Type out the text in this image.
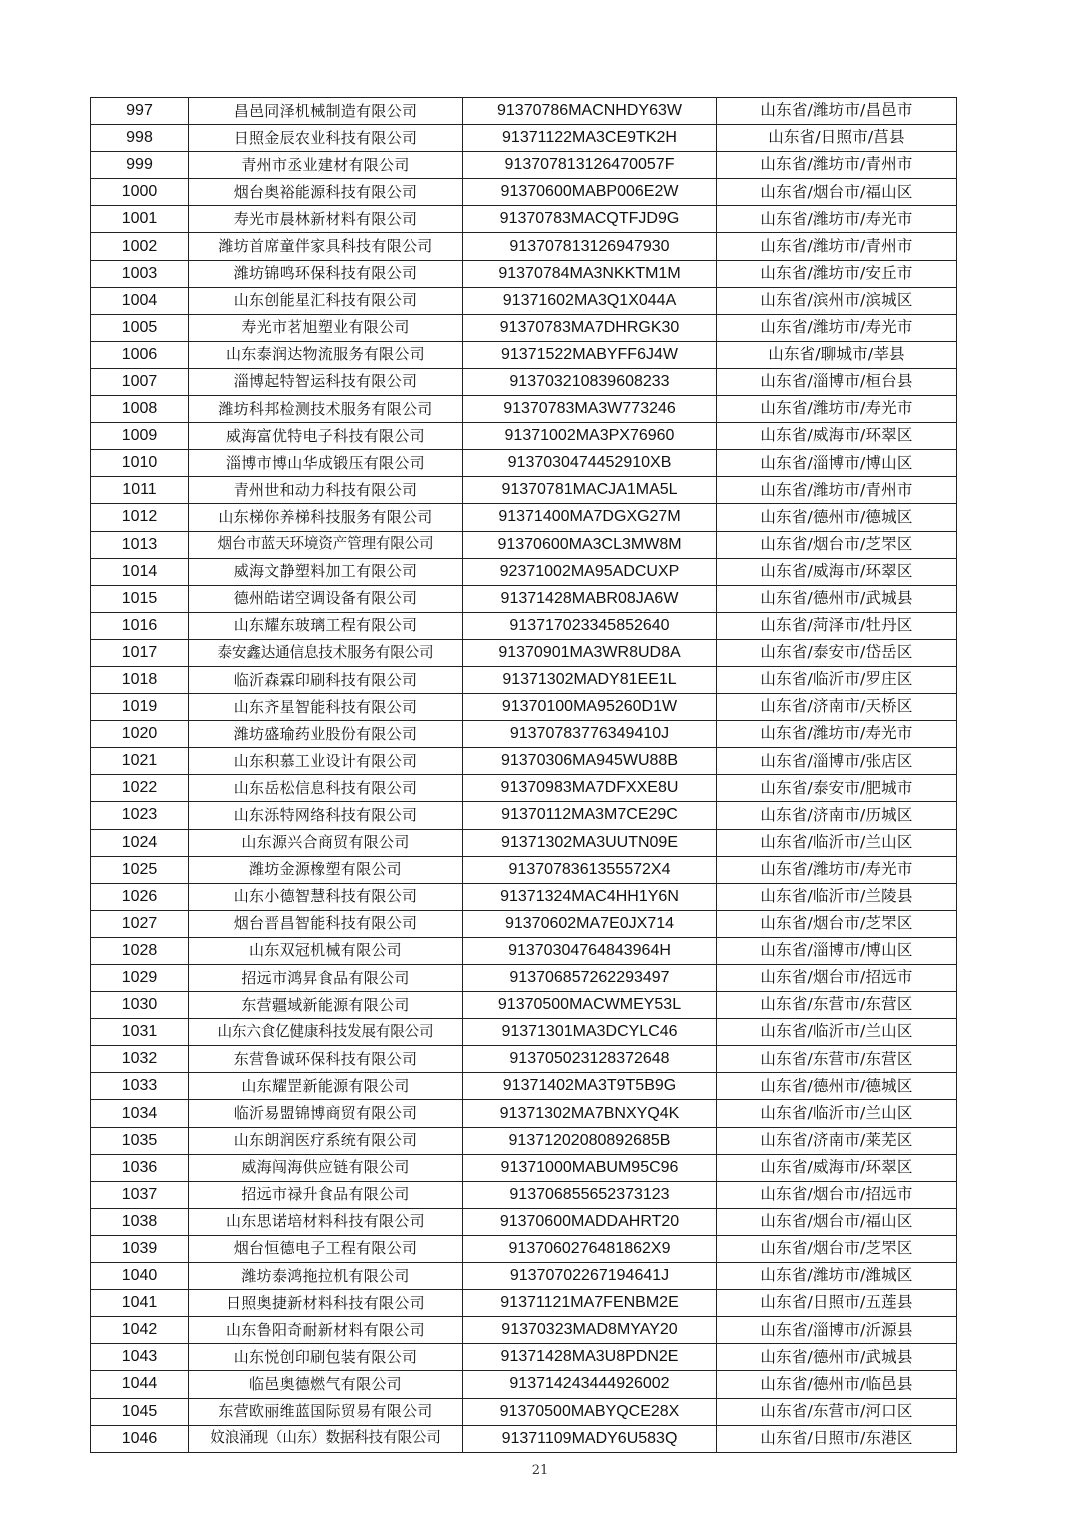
997	昌邑同泽机械制造有限公司	91370786MACNHDY63W	山东省/潍坊市/昌邑市
998	日照金辰农业科技有限公司	91371122MA3CE9TK2H	山东省/日照市/莒县
999	青州市丞业建材有限公司	913707813126470057F	山东省/潍坊市/青州市
1000	烟台奥裕能源科技有限公司	91370600MABP006E2W	山东省/烟台市/福山区
1001	寿光市晨林新材料有限公司	91370783MACQTFJD9G	山东省/潍坊市/寿光市
1002	潍坊首席童伴家具科技有限公司	913707813126947930	山东省/潍坊市/青州市
1003	潍坊锦鸣环保科技有限公司	91370784MA3NKKTM1M	山东省/潍坊市/安丘市
1004	山东创能星汇科技有限公司	91371602MA3Q1X044A	山东省/滨州市/滨城区
1005	寿光市茗旭塑业有限公司	91370783MA7DHRGK30	山东省/潍坊市/寿光市
1006	山东泰润达物流服务有限公司	91371522MABYFF6J4W	山东省/聊城市/莘县
1007	淄博起特智运科技有限公司	913703210839608233	山东省/淄博市/桓台县
1008	潍坊科邦检测技术服务有限公司	91370783MA3W773246	山东省/潍坊市/寿光市
1009	威海富优特电子科技有限公司	91371002MA3PX76960	山东省/威海市/环翠区
1010	淄博市博山华成锻压有限公司	9137030474452910XB	山东省/淄博市/博山区
1011	青州世和动力科技有限公司	91370781MACJA1MA5L	山东省/潍坊市/青州市
1012	山东梯你养梯科技服务有限公司	91371400MA7DGXG27M	山东省/德州市/德城区
1013	烟台市蓝天环境资产管理有限公司	91370600MA3CL3MW8M	山东省/烟台市/芝罘区
1014	威海文静塑料加工有限公司	92371002MA95ADCUXP	山东省/威海市/环翠区
1015	德州皓诺空调设备有限公司	91371428MABR08JA6W	山东省/德州市/武城县
1016	山东耀东玻璃工程有限公司	913717023345852640	山东省/菏泽市/牡丹区
1017	泰安鑫达通信息技术服务有限公司	91370901MA3WR8UD8A	山东省/泰安市/岱岳区
1018	临沂森霖印刷科技有限公司	91371302MADY81EE1L	山东省/临沂市/罗庄区
1019	山东齐星智能科技有限公司	91370100MA95260D1W	山东省/济南市/天桥区
1020	潍坊盛瑜药业股份有限公司	91370783776349410J	山东省/潍坊市/寿光市
1021	山东积慕工业设计有限公司	91370306MA945WU88B	山东省/淄博市/张店区
1022	山东岳松信息科技有限公司	91370983MA7DFXXE8U	山东省/泰安市/肥城市
1023	山东泺特网络科技有限公司	91370112MA3M7CE29C	山东省/济南市/历城区
1024	山东源兴合商贸有限公司	91371302MA3UUTN09E	山东省/临沂市/兰山区
1025	潍坊金源橡塑有限公司	9137078361355572X4	山东省/潍坊市/寿光市
1026	山东小德智慧科技有限公司	91371324MAC4HH1Y6N	山东省/临沂市/兰陵县
1027	烟台晋昌智能科技有限公司	91370602MA7E0JX714	山东省/烟台市/芝罘区
1028	山东双冠机械有限公司	91370304764843964H	山东省/淄博市/博山区
1029	招远市鸿昇食品有限公司	913706857262293497	山东省/烟台市/招远市
1030	东营疆域新能源有限公司	91370500MACWMEY53L	山东省/东营市/东营区
1031	山东六食亿健康科技发展有限公司	91371301MA3DCYLC46	山东省/临沂市/兰山区
1032	东营鲁诚环保科技有限公司	913705023128372648	山东省/东营市/东营区
1033	山东耀罡新能源有限公司	91371402MA3T9T5B9G	山东省/德州市/德城区
1034	临沂易盟锦博商贸有限公司	91371302MA7BNXYQ4K	山东省/临沂市/兰山区
1035	山东朗润医疗系统有限公司	91371202080892685B	山东省/济南市/莱芜区
1036	威海闯海供应链有限公司	91371000MABUM95C96	山东省/威海市/环翠区
1037	招远市禄升食品有限公司	913706855652373123	山东省/烟台市/招远市
1038	山东思诺培材料科技有限公司	91370600MADDAHRT20	山东省/烟台市/福山区
1039	烟台恒德电子工程有限公司	9137060276481862X9	山东省/烟台市/芝罘区
1040	潍坊泰鸿拖拉机有限公司	91370702267194641J	山东省/潍坊市/潍城区
1041	日照奥捷新材料科技有限公司	91371121MA7FENBM2E	山东省/日照市/五莲县
1042	山东鲁阳奇耐新材料有限公司	91370323MAD8MYAY20	山东省/淄博市/沂源县
1043	山东悦创印刷包装有限公司	91371428MA3U8PDN2E	山东省/德州市/武城县
1044	临邑奥德燃气有限公司	913714243444926002	山东省/德州市/临邑县
1045	东营欧丽维蓝国际贸易有限公司	91370500MABYQCE28X	山东省/东营市/河口区
1046	妏浪涌现（山东）数据科技有限公司	91371109MADY6U583Q	山东省/日照市/东港区
21
